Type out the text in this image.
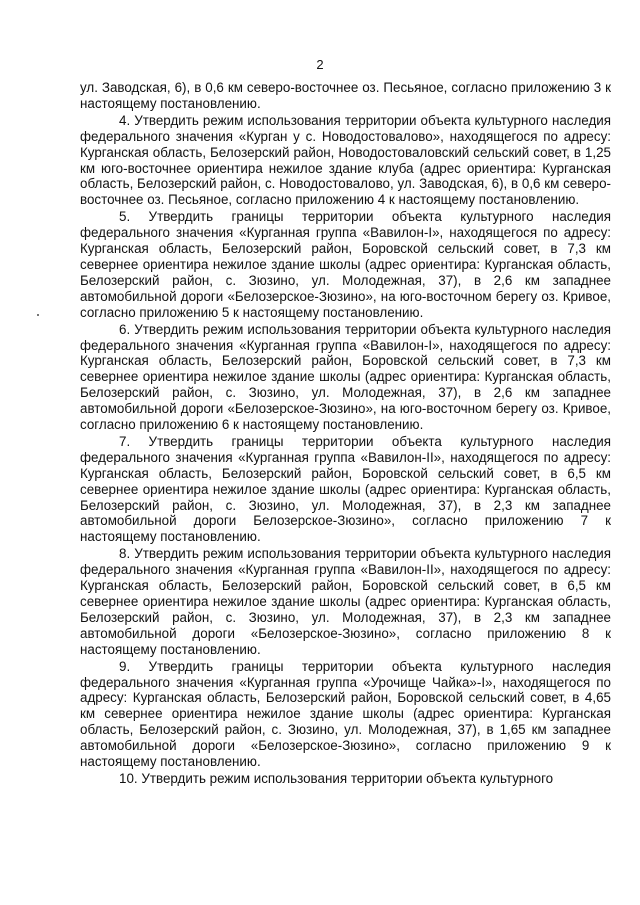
2

ул. Заводская, 6), в 0,6 км северо-восточнее оз. Песьяное, согласно приложению 3 к настоящему постановлению.

4. Утвердить режим использования территории объекта культурного наследия федерального значения «Курган у с. Новодостовалово», находящегося по адресу: Курганская область, Белозерский район, Новодостоваловский сельский совет, в 1,25 км юго-восточнее ориентира нежилое здание клуба (адрес ориентира: Курганская область, Белозерский район, с. Новодостовалово, ул. Заводская, 6), в 0,6 км северо-восточнее оз. Песьяное, согласно приложению 4 к настоящему постановлению.

5. Утвердить границы территории объекта культурного наследия федерального значения «Курганная группа «Вавилон-I», находящегося по адресу: Курганская область, Белозерский район, Боровской сельский совет, в 7,3 км севернее ориентира нежилое здание школы (адрес ориентира: Курганская область, Белозерский район, с. Зюзино, ул. Молодежная, 37), в 2,6 км западнее автомобильной дороги «Белозерское-Зюзино», на юго-восточном берегу оз. Кривое, согласно приложению 5 к настоящему постановлению.

6. Утвердить режим использования территории объекта культурного наследия федерального значения «Курганная группа «Вавилон-I», находящегося по адресу: Курганская область, Белозерский район, Боровской сельский совет, в 7,3 км севернее ориентира нежилое здание школы (адрес ориентира: Курганская область, Белозерский район, с. Зюзино, ул. Молодежная, 37), в 2,6 км западнее автомобильной дороги «Белозерское-Зюзино», на юго-восточном берегу оз. Кривое, согласно приложению 6 к настоящему постановлению.

7. Утвердить границы территории объекта культурного наследия федерального значения «Курганная группа «Вавилон-II», находящегося по адресу: Курганская область, Белозерский район, Боровской сельский совет, в 6,5 км севернее ориентира нежилое здание школы (адрес ориентира: Курганская область, Белозерский район, с. Зюзино, ул. Молодежная, 37), в 2,3 км западнее автомобильной дороги Белозерское-Зюзино», согласно приложению 7 к настоящему постановлению.

8. Утвердить режим использования территории объекта культурного наследия федерального значения «Курганная группа «Вавилон-II», находящегося по адресу: Курганская область, Белозерский район, Боровской сельский совет, в 6,5 км севернее ориентира нежилое здание школы (адрес ориентира: Курганская область, Белозерский район, с. Зюзино, ул. Молодежная, 37), в 2,3 км западнее автомобильной дороги «Белозерское-Зюзино», согласно приложению 8 к настоящему постановлению.

9. Утвердить границы территории объекта культурного наследия федерального значения «Курганная группа «Урочище Чайка»-I», находящегося по адресу: Курганская область, Белозерский район, Боровской сельский совет, в 4,65 км севернее ориентира нежилое здание школы (адрес ориентира: Курганская область, Белозерский район, с. Зюзино, ул. Молодежная, 37), в 1,65 км западнее автомобильной дороги «Белозерское-Зюзино», согласно приложению 9 к настоящему постановлению.

10. Утвердить режим использования территории объекта культурного
